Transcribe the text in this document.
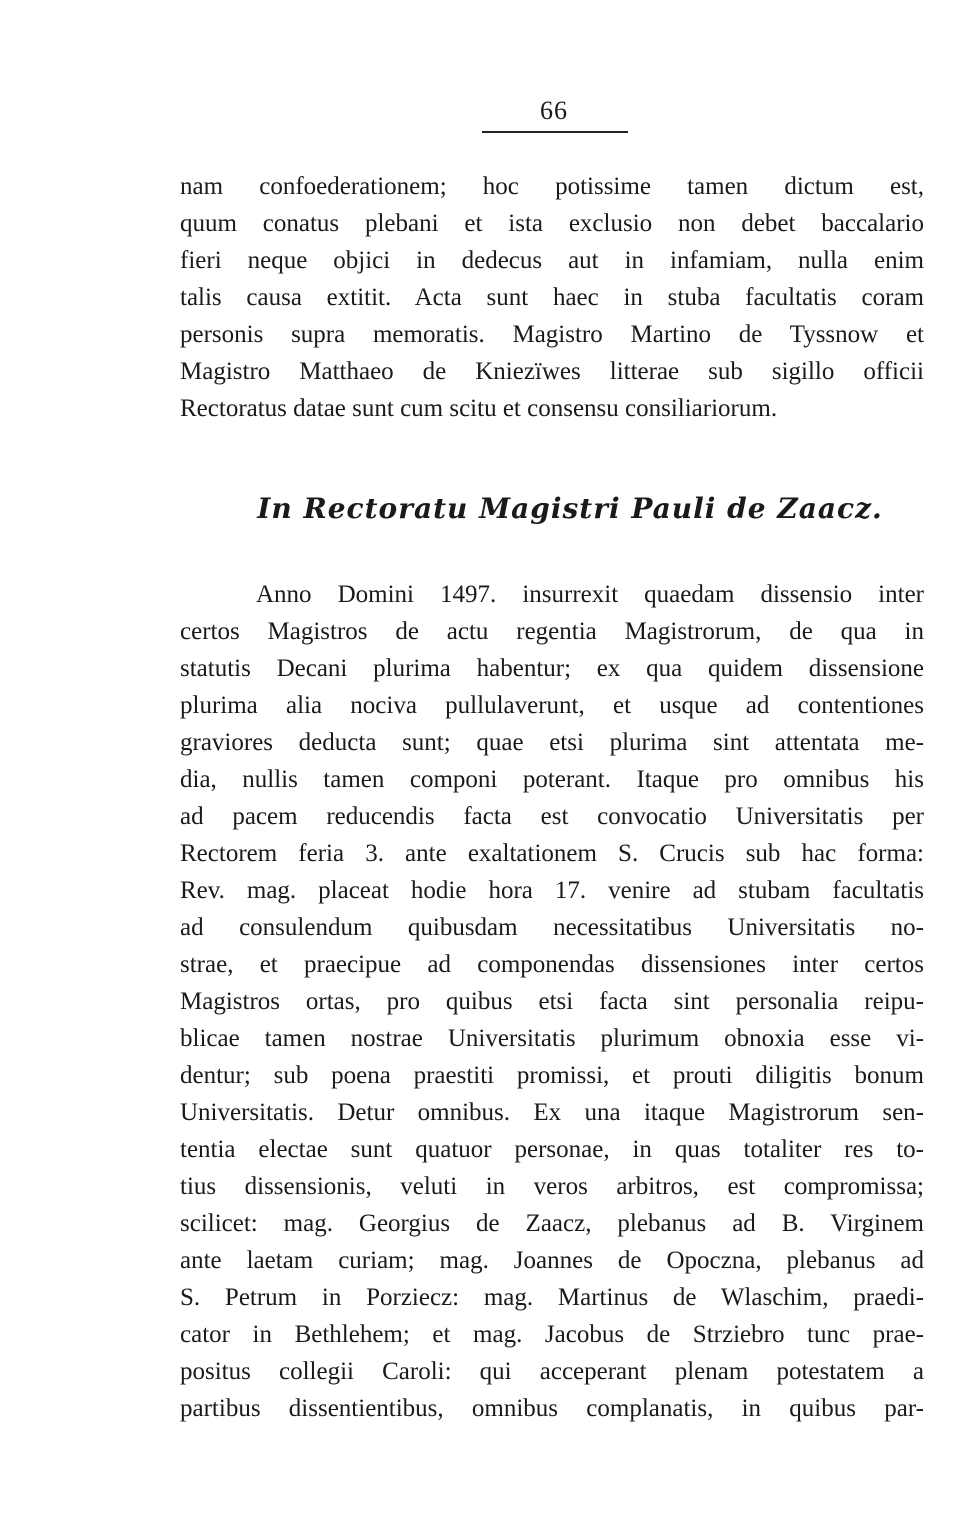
66
nam confoederationem; hoc potissime tamen dictum est,
quum conatus plebani et ista exclusio non debet baccalario
fieri neque objici in dedecus aut in infamiam, nulla enim
talis causa extitit. Acta sunt haec in stuba facultatis coram
personis supra memoratis. Magistro Martino de Tyssnow et
Magistro Matthaeo de Kniezïwes litterae sub sigillo officii
Rectoratus datae sunt cum scitu et consensu consiliariorum.
In Rectoratu Magistri Pauli de Zaacz.
Anno Domini 1497. insurrexit quaedam dissensio inter
certos Magistros de actu regentia Magistrorum, de qua in
statutis Decani plurima habentur; ex qua quidem dissensione
plurima alia nociva pullulaverunt, et usque ad contentiones
graviores deducta sunt; quae etsi plurima sint attentata me-
dia, nullis tamen componi poterant. Itaque pro omnibus his
ad pacem reducendis facta est convocatio Universitatis per
Rectorem feria 3. ante exaltationem S. Crucis sub hac forma:
Rev. mag. placeat hodie hora 17. venire ad stubam facultatis
ad consulendum quibusdam necessitatibus Universitatis no-
strae, et praecipue ad componendas dissensiones inter certos
Magistros ortas, pro quibus etsi facta sint personalia reipu-
blicae tamen nostrae Universitatis plurimum obnoxia esse vi-
dentur; sub poena praestiti promissi, et prouti diligitis bonum
Universitatis. Detur omnibus. Ex una itaque Magistrorum sen-
tentia electae sunt quatuor personae, in quas totaliter res to-
tius dissensionis, veluti in veros arbitros, est compromissa;
scilicet: mag. Georgius de Zaacz, plebanus ad B. Virginem
ante laetam curiam; mag. Joannes de Opoczna, plebanus ad
S. Petrum in Porziecz: mag. Martinus de Wlaschim, praedi-
cator in Bethlehem; et mag. Jacobus de Strziebro tunc prae-
positus collegii Caroli: qui acceperant plenam potestatem a
partibus dissentientibus, omnibus complanatis, in quibus par-
